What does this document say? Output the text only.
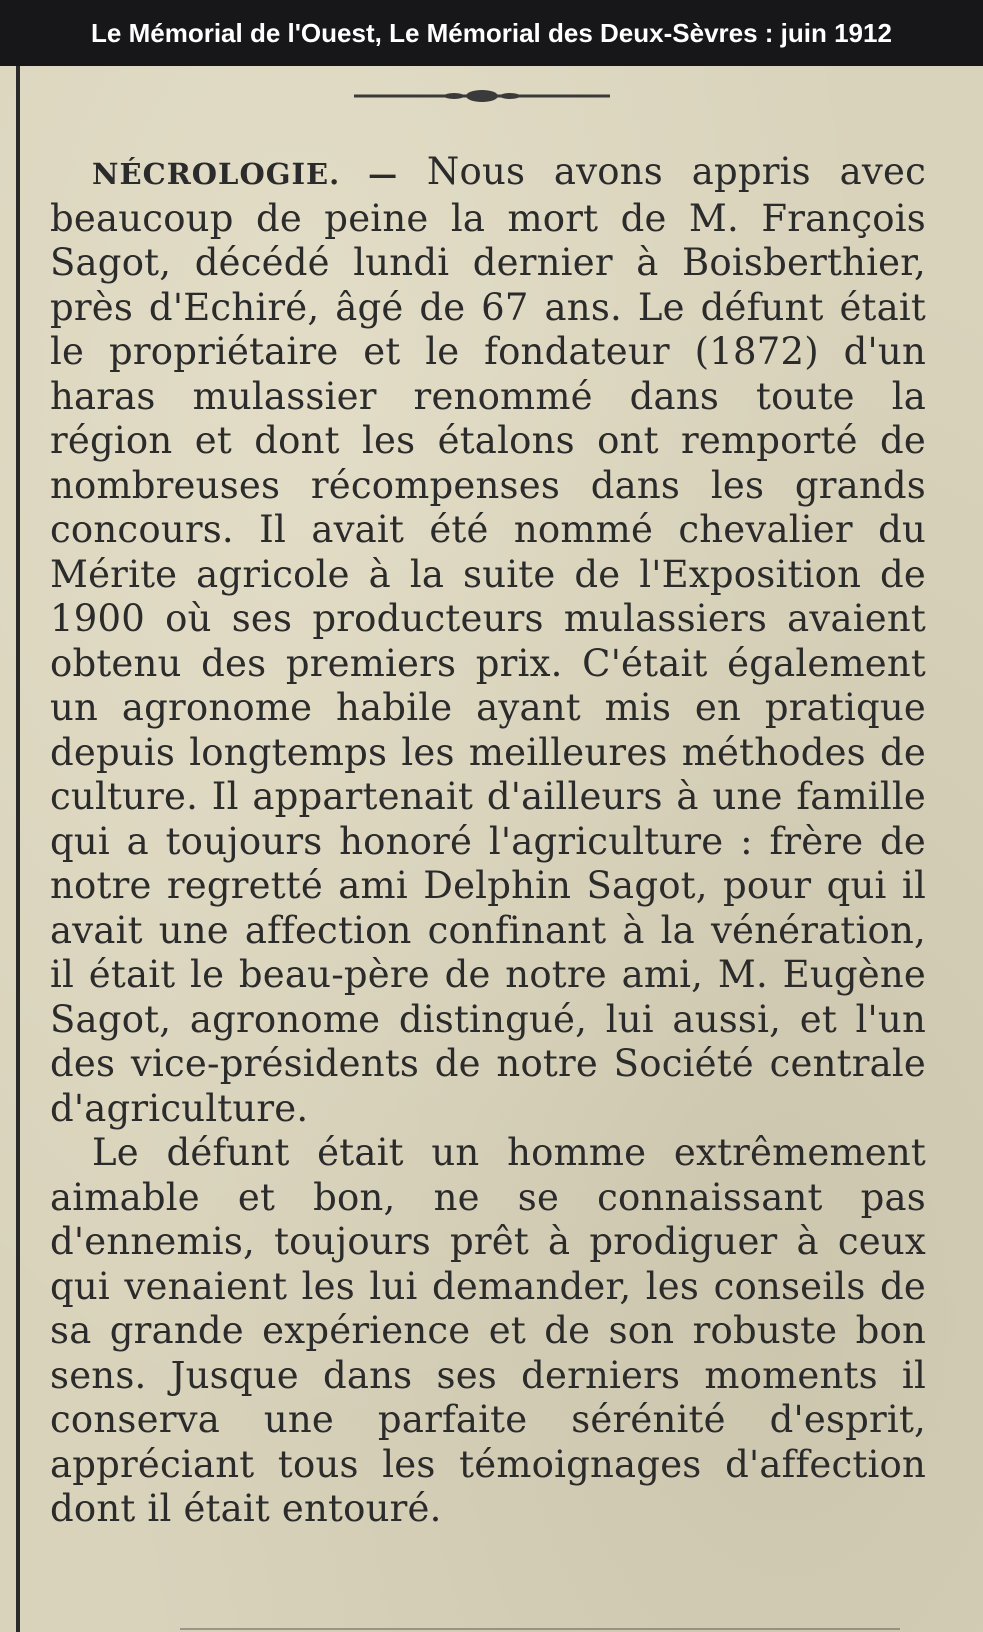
Le Mémorial de l'Ouest, Le Mémorial des Deux-Sèvres : juin 1912

NÉCROLOGIE. — Nous avons appris avec beaucoup de peine la mort de M. François Sagot, décédé lundi dernier à Boisberthier, près d'Echiré, âgé de 67 ans. Le défunt était le propriétaire et le fondateur (1872) d'un haras mulassier renommé dans toute la région et dont les étalons ont remporté de nombreuses récompenses dans les grands concours. Il avait été nommé chevalier du Mérite agricole à la suite de l'Exposition de 1900 où ses producteurs mulassiers avaient obtenu des premiers prix. C'était également un agronome habile ayant mis en pratique depuis longtemps les meilleures méthodes de culture. Il appartenait d'ailleurs à une famille qui a toujours honoré l'agriculture : frère de notre regretté ami Delphin Sagot, pour qui il avait une affection confinant à la vénération, il était le beau-père de notre ami, M. Eugène Sagot, agronome distingué, lui aussi, et l'un des vice-présidents de notre Société centrale d'agriculture.

Le défunt était un homme extrêmement aimable et bon, ne se connaissant pas d'ennemis, toujours prêt à prodiguer à ceux qui venaient les lui demander, les conseils de sa grande expérience et de son robuste bon sens. Jusque dans ses derniers moments il conserva une parfaite sérénité d'esprit, appréciant tous les témoignages d'affection dont il était entouré.
